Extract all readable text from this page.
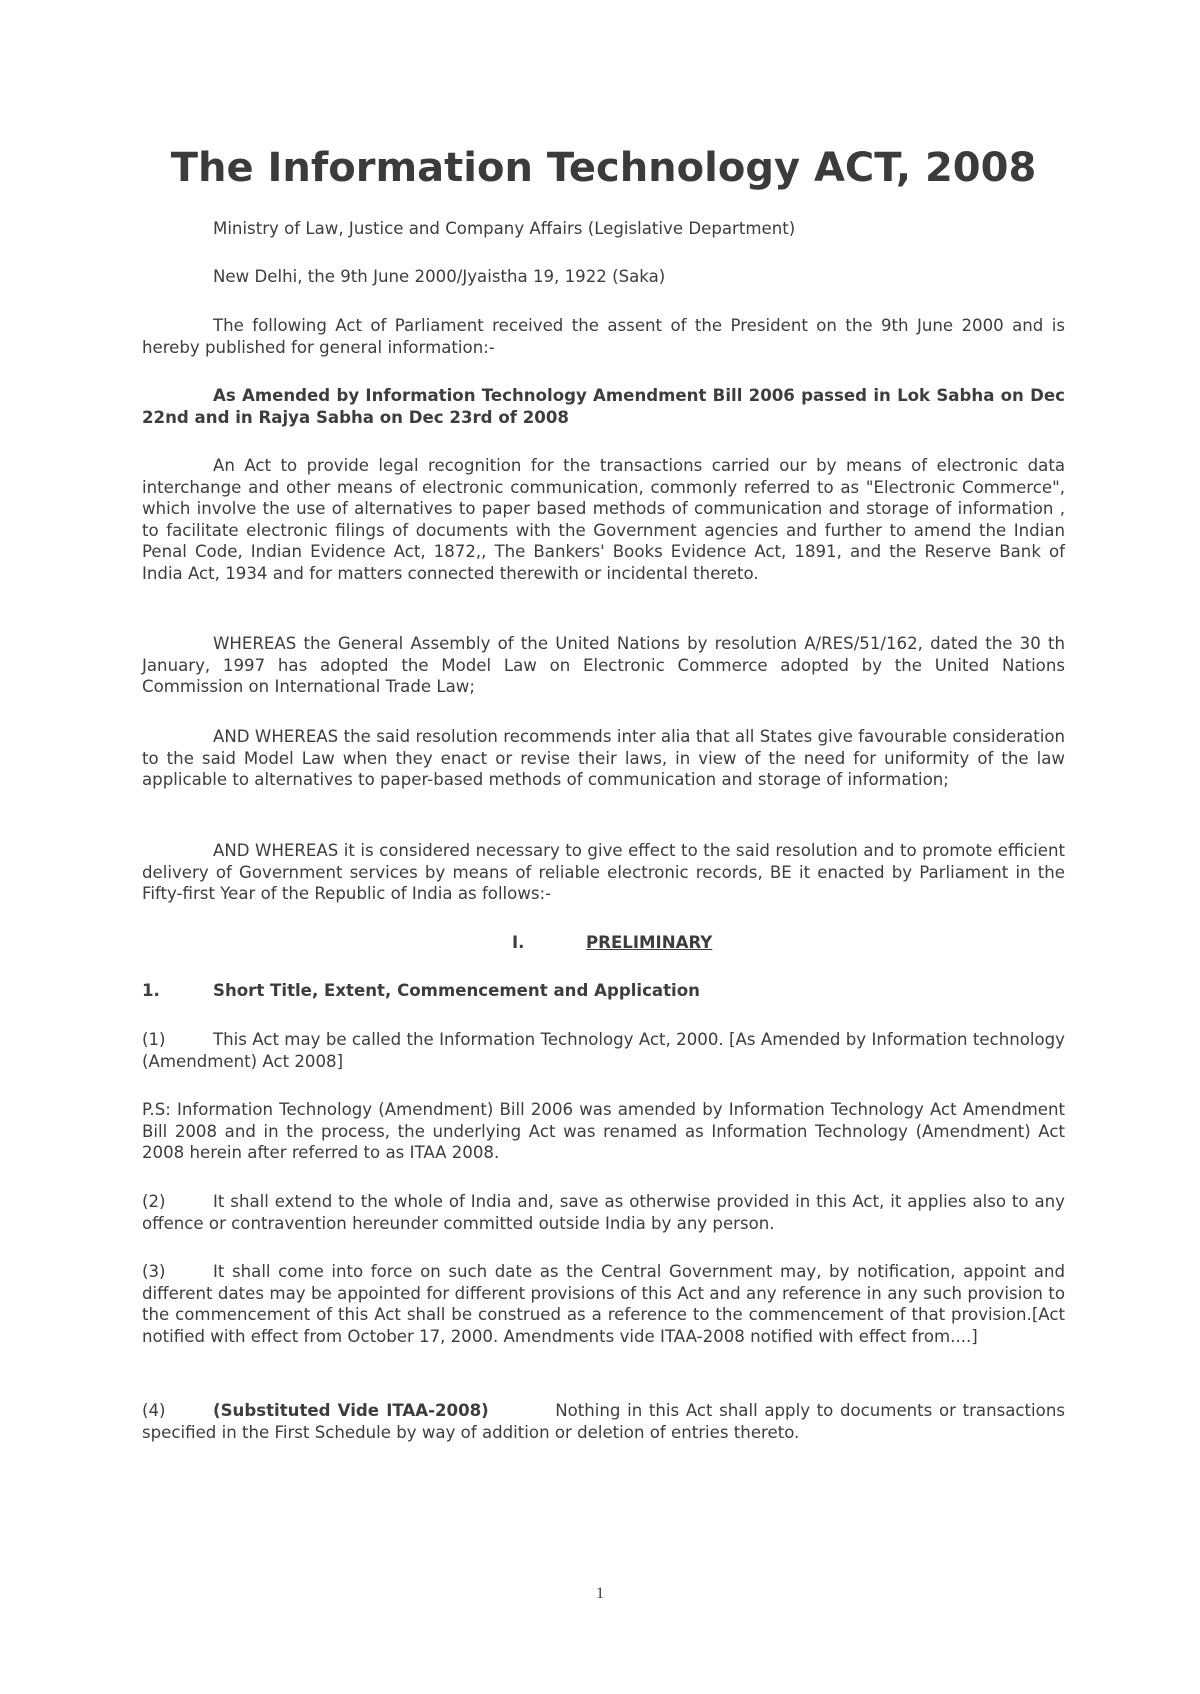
The Information Technology ACT, 2008
Ministry of Law, Justice and Company Affairs (Legislative Department)
New Delhi, the 9th June 2000/Jyaistha 19, 1922 (Saka)
The following Act of Parliament received the assent of the President on the 9th June 2000 and is hereby published for general information:-
As Amended by Information Technology Amendment Bill 2006 passed in Lok Sabha on Dec 22nd and in Rajya Sabha on Dec 23rd of 2008
An Act to provide legal recognition for the transactions carried our by means of electronic data interchange and other means of electronic communication, commonly referred to as "Electronic Commerce", which involve the use of alternatives to paper based methods of communication and storage of information , to facilitate electronic filings of documents with the Government agencies and further to amend the Indian Penal Code, Indian Evidence Act, 1872,, The Bankers' Books Evidence Act, 1891, and the Reserve Bank of India Act, 1934 and for matters connected therewith or incidental thereto.
WHEREAS the General Assembly of the United Nations by resolution A/RES/51/162, dated the 30 th January, 1997 has adopted the Model Law on Electronic Commerce adopted by the United Nations Commission on International Trade Law;
AND WHEREAS the said resolution recommends inter alia that all States give favourable consideration to the said Model Law when they enact or revise their laws, in view of the need for uniformity of the law applicable to alternatives to paper-based methods of communication and storage of information;
AND WHEREAS it is considered necessary to give effect to the said resolution and to promote efficient delivery of Government services by means of reliable electronic records, BE it enacted by Parliament in the Fifty-first Year of the Republic of India as follows:-
I.	PRELIMINARY
1.	Short Title, Extent, Commencement and Application
(1)	This Act may be called the Information Technology Act, 2000. [As Amended by Information technology (Amendment) Act 2008]
P.S: Information Technology (Amendment) Bill 2006 was amended by Information Technology Act Amendment Bill 2008 and in the process, the underlying Act was renamed as Information Technology (Amendment) Act 2008 herein after referred to as ITAA 2008.
(2)	It shall extend to the whole of India and, save as otherwise provided in this Act, it applies also to any offence or contravention hereunder committed outside India by any person.
(3)	It shall come into force on such date as the Central Government may, by notification, appoint and different dates may be appointed for different provisions of this Act and any reference in any such provision to the commencement of this Act shall be construed as a reference to the commencement of that provision.[Act notified with effect from October 17, 2000. Amendments vide ITAA-2008 notified with effect from....]
(4)	(Substituted Vide ITAA-2008)	Nothing in this Act shall apply to documents or transactions specified in the First Schedule by way of addition or deletion of entries thereto.
1
